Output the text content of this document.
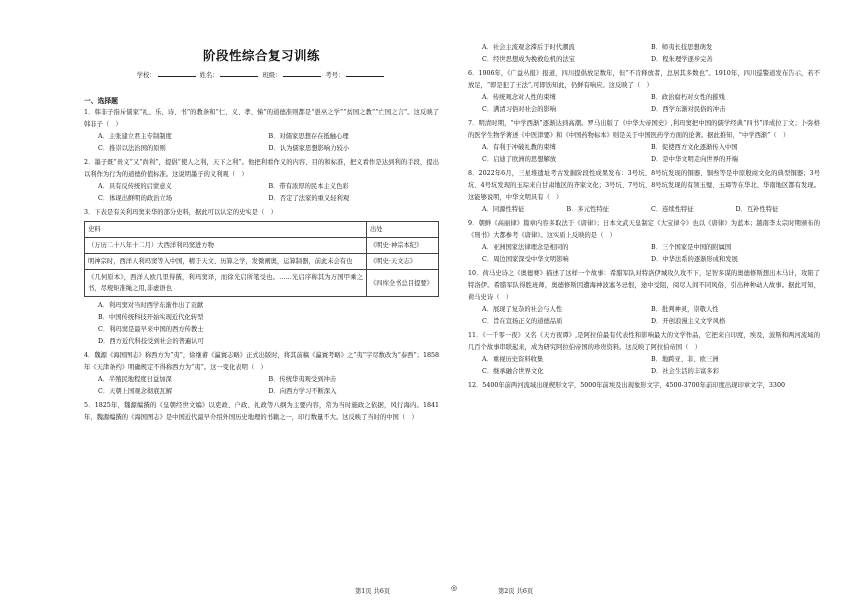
阶段性综合复习训练
学校：	姓名：	班级：	考号：
一、选择题

1．韩非子指斥儒家“礼、乐、诗、书”的教条和“仁、义、孝、悌”的道德准则都是“愚巫之学”“贫国之教”“亡国之言”。这反映了韩非子（　）

A．主张建立君主专制制度	B．对儒家思想存在抵触心理
C．推崇以法治国的原则	D．认为儒家思想影响力较小

2．墨子既“贵义”又“尚利”，提倡“使人之利，天下之利”。他把利看作义的内容、目的和标准，把义看作是达到利的手段，提出以利作为行为的道德价值标准。这说明墨子的义利观（　）

A．具有反传统的启蒙意义	B．带有浓厚的民本主义色彩
C．体现出鲜明的政治立场	D．否定了法家的重义轻利观

3．下表是有关利玛窦来华的部分史料，据此可以认定的史实是（　）

史料	出处
（万历二十八年十二月）大西洋利玛窦进方物	《明史·神宗本纪》
明神宗时，西洋人利玛窦等入中国，精于天文、历算之学，发微阐奥，运算制器，前此未会有也	《明史·天文志》
《几何原本》，西洋人欧几里得撰，利玛窦译，而徐光启所笔受也。……光启序称其为万国甲乘之书，尽规矩准绳之用,非虚语也	《四库全书总目提要》
A．利玛窦对当时西学东渐作出了贡献
B．中国传统科技开始实现近代化转型
C．利玛窦是最早来中国的西方传教士
D．西方近代科技受到社会的普遍认可

4．魏源《海国图志》称西方为“夷”，徐继畬《瀛寰志略》正式出版时，将其前稿《瀛寰考略》之“夷”字尽数改为“泰西”；1858年《天津条约》明确规定不得称西方为“夷”。这一变化表明（　）

A．半殖民地程度日益加深	B．传统华夷观受到冲击
C．天朝上国观念彻底瓦解	D．向西方学习不断深入

5．1825年，魏源编撰的《皇朝经世文编》以吏政、户政、礼政等八纲为主要内容，常为当时施政之依据，风行海内。1841年，魏源编撰的《海国图志》是中国近代最早介绍外国历史地理的书籍之一，印行数量不大。这反映了当时的中国（　）

A．社会主流观念滞后于时代潮流	B．师夷长技思想萌发
C．经世思想成为挽救危机的法宝	D．程朱理学逐步完善

6．1906年，《广益丛报》报道，四川提倡放足数年，但“不肯释放者，总居其多数也”。1910年，四川巡警道发布告示，若不放足，“即是犯了王法”,可即饬知此，仍鲜有响应。这反映了（　）

A．传统观念对人性的束缚	B．政治腐朽对女性的摧残
C．满清习俗对社会的影响	D．西学东渐对民俗的冲击

7．明清时期，“中学西渐”逐渐达到高潮。罗马出版了《中华大帝国史》,利玛窦把中国的儒学经典“四书”译成拉丁文；卜弥格的医学生物学著述《中医津要》和《中国药物标本》则是关于中国医药学方面的论著。据此推知，“中学西渐”（　）

A．有利于冲破礼教的束缚	B．促使西方文化逐渐传入中国
C．启迪了欧洲的思想解放	D．是中华文明走向世界的开端

8．2022年6月，三星堆遗址考古发掘阶段性成果发布：3号坑、8号坑发现的铜器、铜叁等是中原殷商文化的典型铜器；3号坑、4号坑发现的玉琮来自甘肃地区的齐家文化；3号坑、7号坑、8号坑发现的有领玉璧、玉璋等在华北、华南地区都有发现。这能够说明，中华文明具有（　）

A．同源性特征	B．多元性特征	C．连续性特征	D．互补性特征

9．朝鲜《高丽律》篇章内容多取法于《唐律》；日本文武天皇制定《大宝律令》也以《唐律》为蓝本；越南李太宗时期颁布的《刑书》大都参考《唐律》。这实质上反映的是（　）

A．亚洲国家法律理念是相同的	B．三个国家是中国的附属国
C．周边国家深受中华文明影响	D．中华法系的逐渐形成和发展

10．荷马史诗之《奥德赛》描述了这样一个故事：希腊军队对特洛伊城攻久攻不下，足智多谋的奥德修斯想出木马计，攻陷了特洛伊。希腊军队得胜班师，奥德修斯因遭海神波塞冬忌恨，途中受阻，阅尽人间不同风俗，引出种种动人故事。据此可知，荷马史诗（　）

A．展现了复杂的社会与人性	B．批判神灵，崇敬人性
C．旨在宣扬正义的道德品质	D．开创浪漫主义文学风格

11．《一千零一夜》又名《天方夜谭》,是阿拉伯最有代表性和影响最大的文学作品，它把来自印度，埃及，波斯和两河流域的几百个故事串联起来，成为研究阿拉伯帝国的珍贵资料。这反映了阿拉伯帝国（　）

A．重视历史资料收集	B．地跨亚、非、欧三洲
C．继承融合世界文化	D．社会生活的丰富多彩

12．5400年前两河流域出现楔形文字，5000年前埃及出现象形文字，4500-3700年前印度出现印章文字，3300

第1页 共6页	◎	第2页 共6页
